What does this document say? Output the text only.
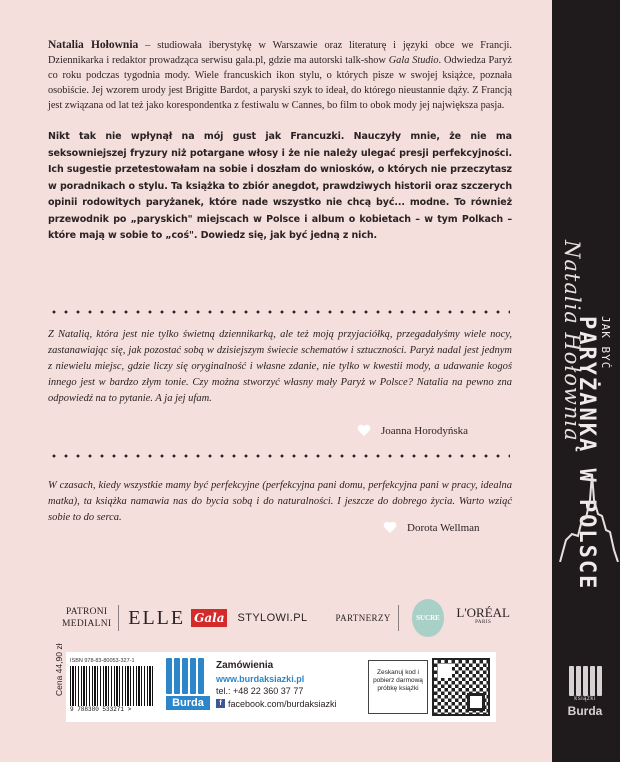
Natalia Hołownia – studiowała iberystykę w Warszawie oraz literaturę i języki obce we Francji. Dziennikarka i redaktor prowadząca serwisu gala.pl, gdzie ma autorski talk-show Gala Studio. Odwiedza Paryż co roku podczas tygodnia mody. Wiele francuskich ikon stylu, o których pisze w swojej książce, poznała osobiście. Jej wzorem urody jest Brigitte Bardot, a paryski szyk to ideał, do którego nieustannie dąży. Z Francją jest związana od lat też jako korespondentka z festiwalu w Cannes, bo film to obok mody jej największa pasja.

Nikt tak nie wpłynął na mój gust jak Francuzki. Nauczyły mnie, że nie ma seksowniejszej fryzury niż potargane włosy i że nie należy ulegać presji perfekcyjności. Ich sugestie przetestowałam na sobie i doszłam do wniosków, o których nie przeczytasz w poradnikach o stylu. Ta książka to zbiór anegdot, prawdziwych historii oraz szczerych opinii rodowitych paryżanek, które nade wszystko nie chcą być... modne. To również przewodnik po „paryskich" miejscach w Polsce i album o kobietach – w tym Polkach – które mają w sobie to „coś". Dowiedz się, jak być jedną z nich.

Z Natalią, która jest nie tylko świetną dziennikarką, ale też moją przyjaciółką, przegadałyśmy wiele nocy, zastanawiając się, jak pozostać sobą w dzisiejszym świecie schematów i sztuczności. Paryż nadal jest jednym z niewielu miejsc, gdzie liczy się oryginalność i własne zdanie, nie tylko w kwestii mody, a udawanie kogoś innego jest w bardzo złym tonie. Czy można stworzyć własny mały Paryż w Polsce? Natalia na pewno zna odpowiedź na to pytanie. A ja jej ufam.

Joanna Horodyńska

W czasach, kiedy wszystkie mamy być perfekcyjne (perfekcyjna pani domu, perfekcyjna pani w pracy, idealna matka), ta książka namawia nas do bycia sobą i do naturalności. I jeszcze do dobrego życia. Warto wziąć sobie to do serca.

Dorota Wellman
PATRONI
MEDIALNI ELLE Gala STYLOWI.PL	PARTNERZY	SUCRE	L'ORÉAL
PARIS
Cena 44,90 zł ISBN 978-83-80053-327-1
9 788380 533271 >
Burda
Zamówienia
www.burdaksiazki.pl
tel.: +48 22 360 37 77
f facebook.com/burdaksiazki
Zeskanuj kod i pobierz darmową próbkę książki
Natalia Hołownia JAK BYĆ
PARYŻANKĄ W POLSCE
książki
Burda
